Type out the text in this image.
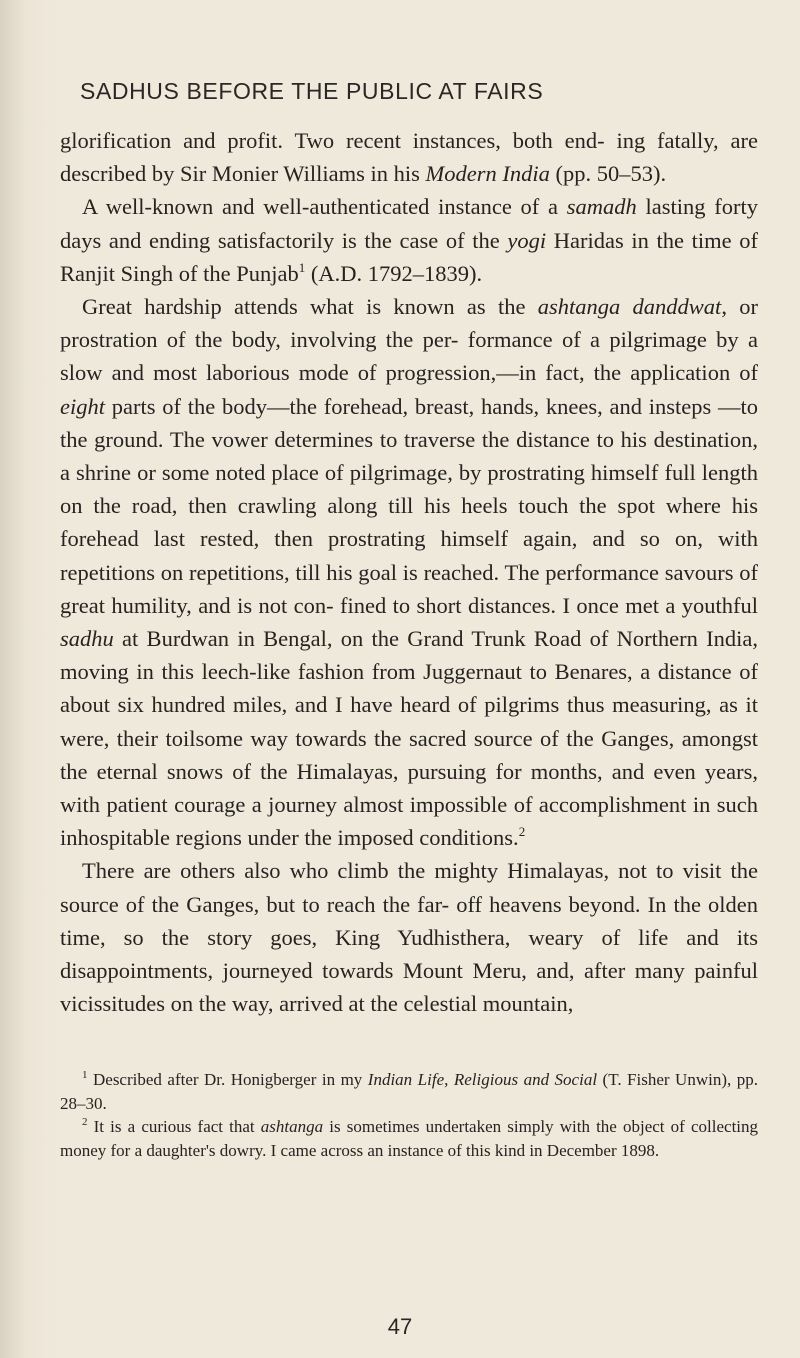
SADHUS BEFORE THE PUBLIC AT FAIRS

glorification and profit. Two recent instances, both end- ing fatally, are described by Sir Monier Williams in his Modern India (pp. 50–53).

A well-known and well-authenticated instance of a samadh lasting forty days and ending satisfactorily is the case of the yogi Haridas in the time of Ranjit Singh of the Punjab$^1$ (A.D. 1792–1839).

Great hardship attends what is known as the ashtanga danddwat, or prostration of the body, involving the per- formance of a pilgrimage by a slow and most laborious mode of progression,—in fact, the application of eight parts of the body—the forehead, breast, hands, knees, and insteps —to the ground. The vower determines to traverse the distance to his destination, a shrine or some noted place of pilgrimage, by prostrating himself full length on the road, then crawling along till his heels touch the spot where his forehead last rested, then prostrating himself again, and so on, with repetitions on repetitions, till his goal is reached. The performance savours of great humility, and is not con- fined to short distances. I once met a youthful sadhu at Burdwan in Bengal, on the Grand Trunk Road of Northern India, moving in this leech-like fashion from Juggernaut to Benares, a distance of about six hundred miles, and I have heard of pilgrims thus measuring, as it were, their toilsome way towards the sacred source of the Ganges, amongst the eternal snows of the Himalayas, pursuing for months, and even years, with patient courage a journey almost impossible of accomplishment in such inhospitable regions under the imposed conditions.$^2$

There are others also who climb the mighty Himalayas, not to visit the source of the Ganges, but to reach the far- off heavens beyond. In the olden time, so the story goes, King Yudhisthera, weary of life and its disappointments, journeyed towards Mount Meru, and, after many painful vicissitudes on the way, arrived at the celestial mountain,

$^1$ Described after Dr. Honigberger in my Indian Life, Religious and Social (T. Fisher Unwin), pp. 28–30.

$^2$ It is a curious fact that ashtanga is sometimes undertaken simply with the object of collecting money for a daughter's dowry. I came across an instance of this kind in December 1898.

47
